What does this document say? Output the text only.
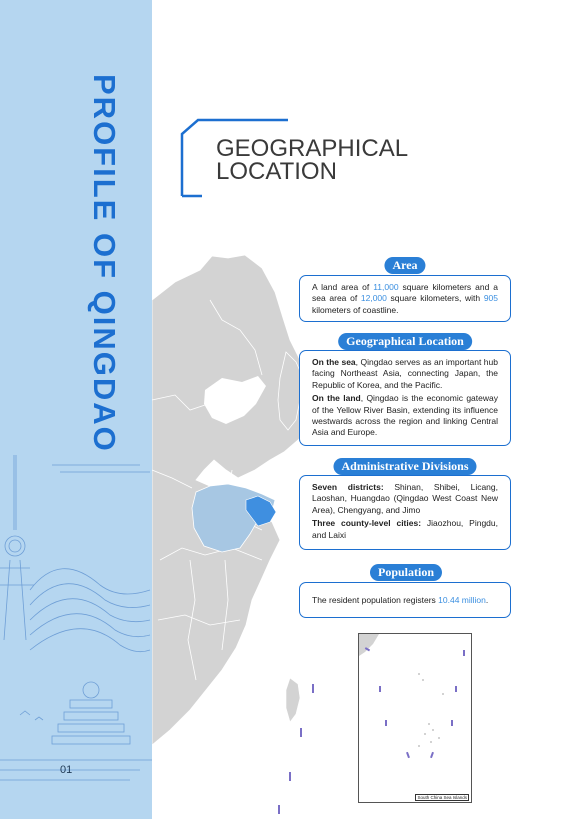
PROFILE OF QINGDAO
01
GEOGRAPHICAL
LOCATION

A land area of 11,000 square kilometers and a sea area of 12,000 square kilometers, with 905 kilometers of coastline.

Area

On the sea, Qingdao serves as an important hub facing Northeast Asia, connecting Japan, the Republic of Korea, and the Pacific.

On the land, Qingdao is the economic gateway of the Yellow River Basin, extending its influence westwards across the region and linking Central Asia and Europe.

Geographical Location

Seven districts: Shinan, Shibei, Licang, Laoshan, Huangdao (Qingdao West Coast New Area), Chengyang, and Jimo

Three county-level cities: Jiaozhou, Pingdu, and Laixi

Administrative Divisions

The resident population registers 10.44 million.

Population
South China Sea Islands
